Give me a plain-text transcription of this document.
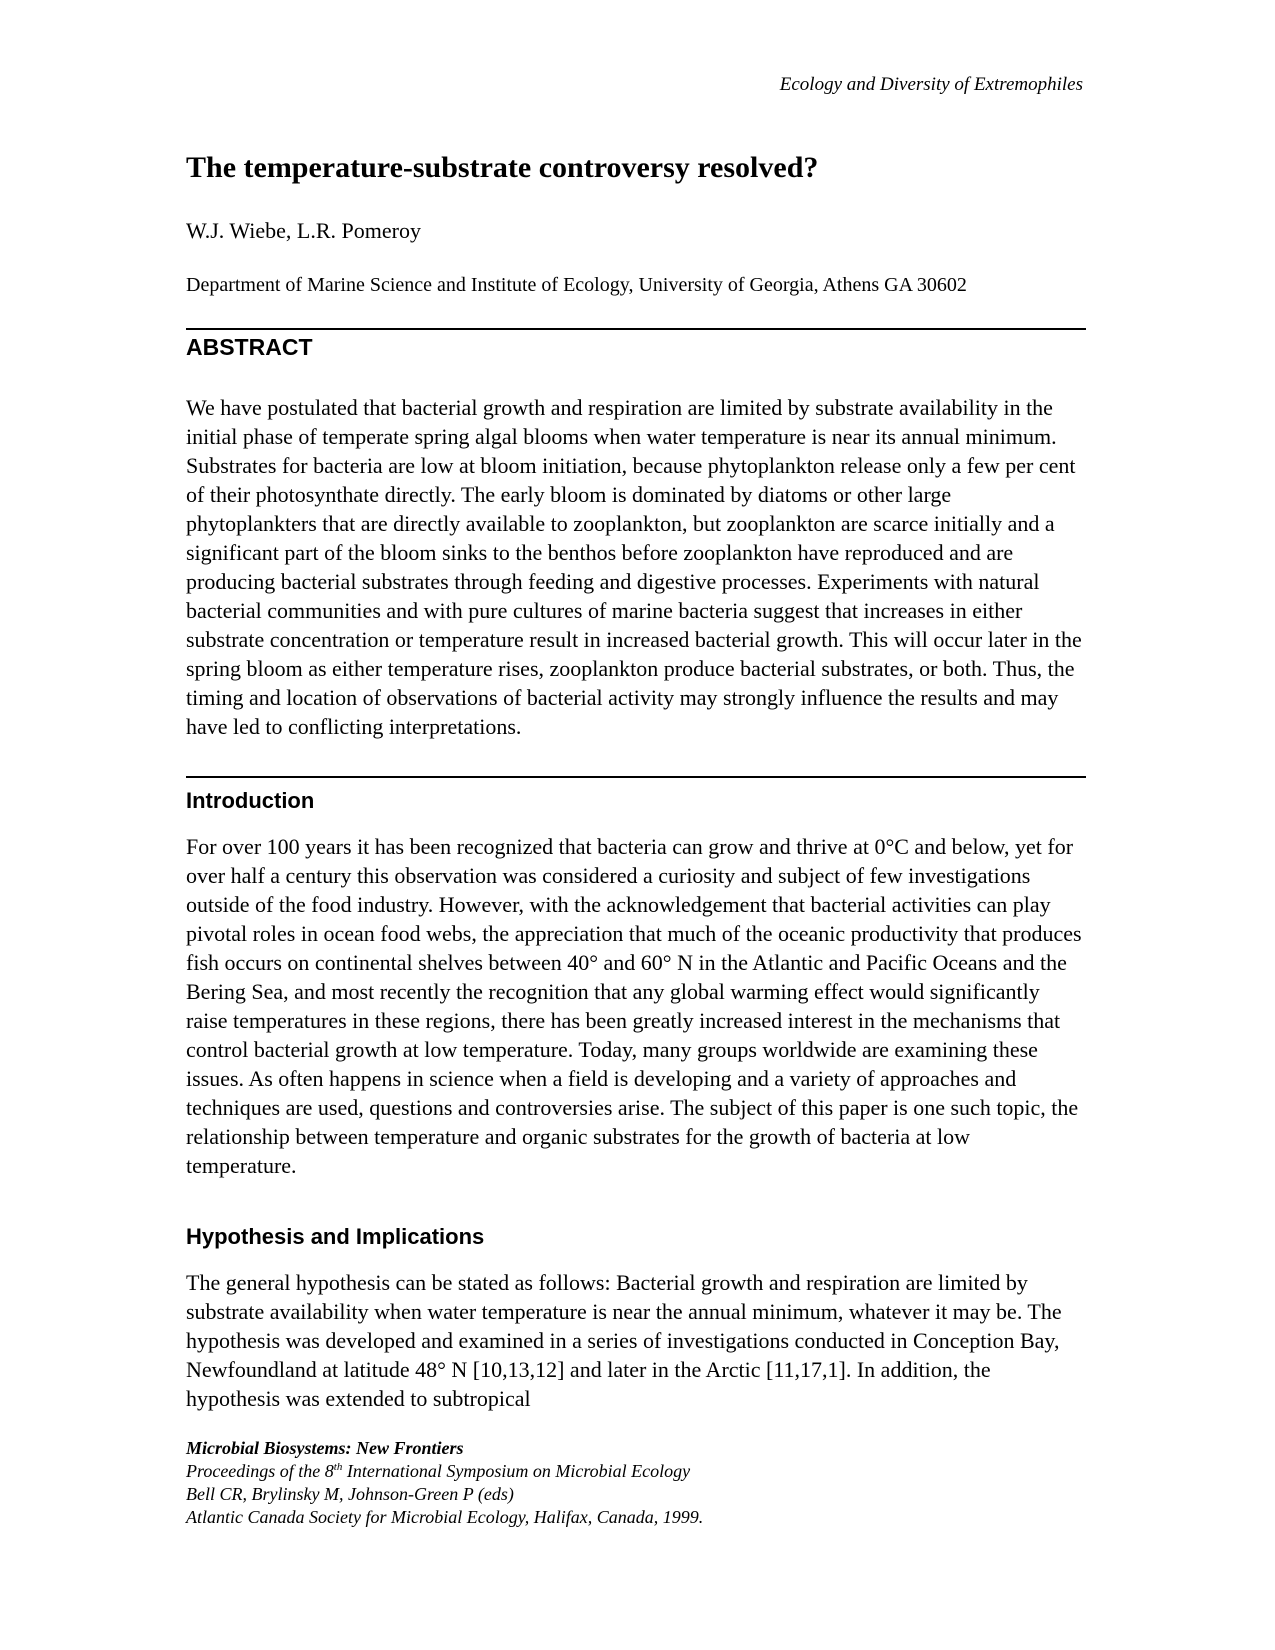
Ecology and Diversity of Extremophiles
The temperature-substrate controversy resolved?
W.J. Wiebe, L.R. Pomeroy
Department of Marine Science and Institute of Ecology, University of Georgia, Athens GA 30602
ABSTRACT

We have postulated that bacterial growth and respiration are limited by substrate availability in the initial phase of temperate spring algal blooms when water temperature is near its annual minimum. Substrates for bacteria are low at bloom initiation, because phytoplankton release only a few per cent of their photosynthate directly. The early bloom is dominated by diatoms or other large phytoplankters that are directly available to zooplankton, but zooplankton are scarce initially and a significant part of the bloom sinks to the benthos before zooplankton have reproduced and are producing bacterial substrates through feeding and digestive processes. Experiments with natural bacterial communities and with pure cultures of marine bacteria suggest that increases in either substrate concentration or temperature result in increased bacterial growth. This will occur later in the spring bloom as either temperature rises, zooplankton produce bacterial substrates, or both. Thus, the timing and location of observations of bacterial activity may strongly influence the results and may have led to conflicting interpretations.

Introduction

For over 100 years it has been recognized that bacteria can grow and thrive at 0°C and below, yet for over half a century this observation was considered a curiosity and subject of few investigations outside of the food industry. However, with the acknowledgement that bacterial activities can play pivotal roles in ocean food webs, the appreciation that much of the oceanic productivity that produces fish occurs on continental shelves between 40° and 60° N in the Atlantic and Pacific Oceans and the Bering Sea, and most recently the recognition that any global warming effect would significantly raise temperatures in these regions, there has been greatly increased interest in the mechanisms that control bacterial growth at low temperature. Today, many groups worldwide are examining these issues. As often happens in science when a field is developing and a variety of approaches and techniques are used, questions and controversies arise. The subject of this paper is one such topic, the relationship between temperature and organic substrates for the growth of bacteria at low temperature.

Hypothesis and Implications

The general hypothesis can be stated as follows: Bacterial growth and respiration are limited by substrate availability when water temperature is near the annual minimum, whatever it may be. The hypothesis was developed and examined in a series of investigations conducted in Conception Bay, Newfoundland at latitude 48° N [10,13,12] and later in the Arctic [11,17,1]. In addition, the hypothesis was extended to subtropical

Microbial Biosystems: New Frontiers
Proceedings of the 8th International Symposium on Microbial Ecology
Bell CR, Brylinsky M, Johnson-Green P (eds)
Atlantic Canada Society for Microbial Ecology, Halifax, Canada, 1999.
